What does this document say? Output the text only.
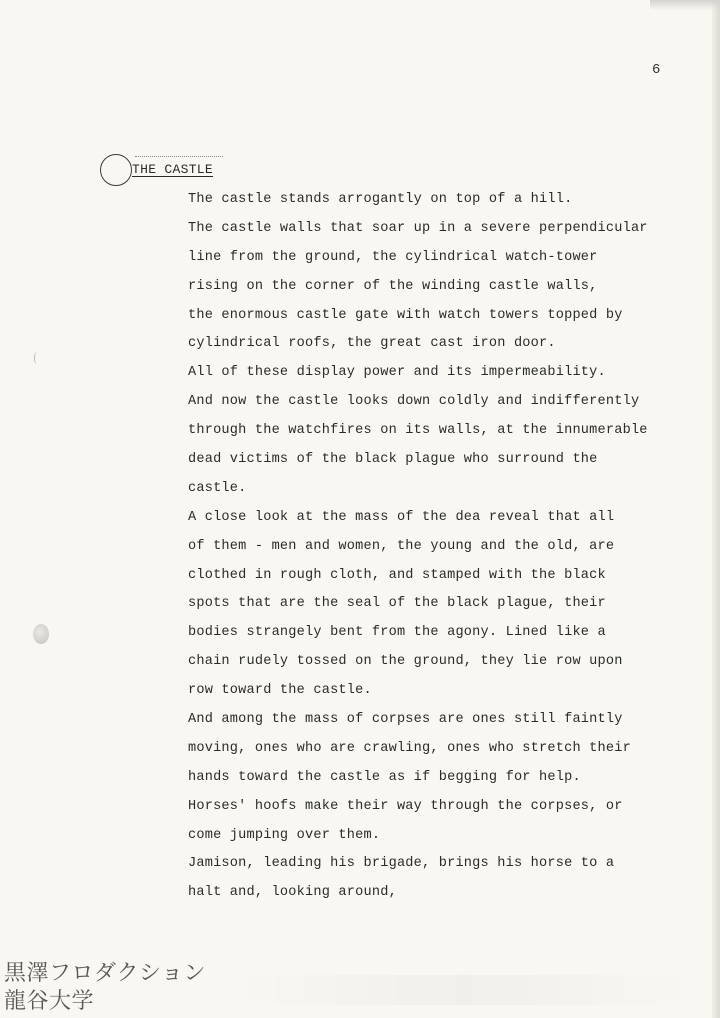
6
THE CASTLE
The castle stands arrogantly on top of a hill.
The castle walls that soar up in a severe perpendicular
line from the ground, the cylindrical watch-tower
rising on the corner of the winding castle walls,
the enormous castle gate with watch towers topped by
cylindrical roofs, the great cast iron door.
All of these display power and its impermeability.
And now the castle looks down coldly and indifferently
through the watchfires on its walls, at the innumerable
dead victims of the black plague who surround the
castle.
A close look at the mass of the dea reveal that all
of them - men and women, the young and the old, are
clothed in rough cloth, and stamped with the black
spots that are the seal of the black plague, their
bodies strangely bent from the agony. Lined like a
chain rudely tossed on the ground, they lie row upon
row toward the castle.
And among the mass of corpses are ones still faintly
moving, ones who are crawling, ones who stretch their
hands toward the castle as if begging for help.
Horses' hoofs make their way through the corpses, or
come jumping over them.
Jamison, leading his brigade, brings his horse to a
halt and, looking around,
黒澤フロダクション
龍谷大学
